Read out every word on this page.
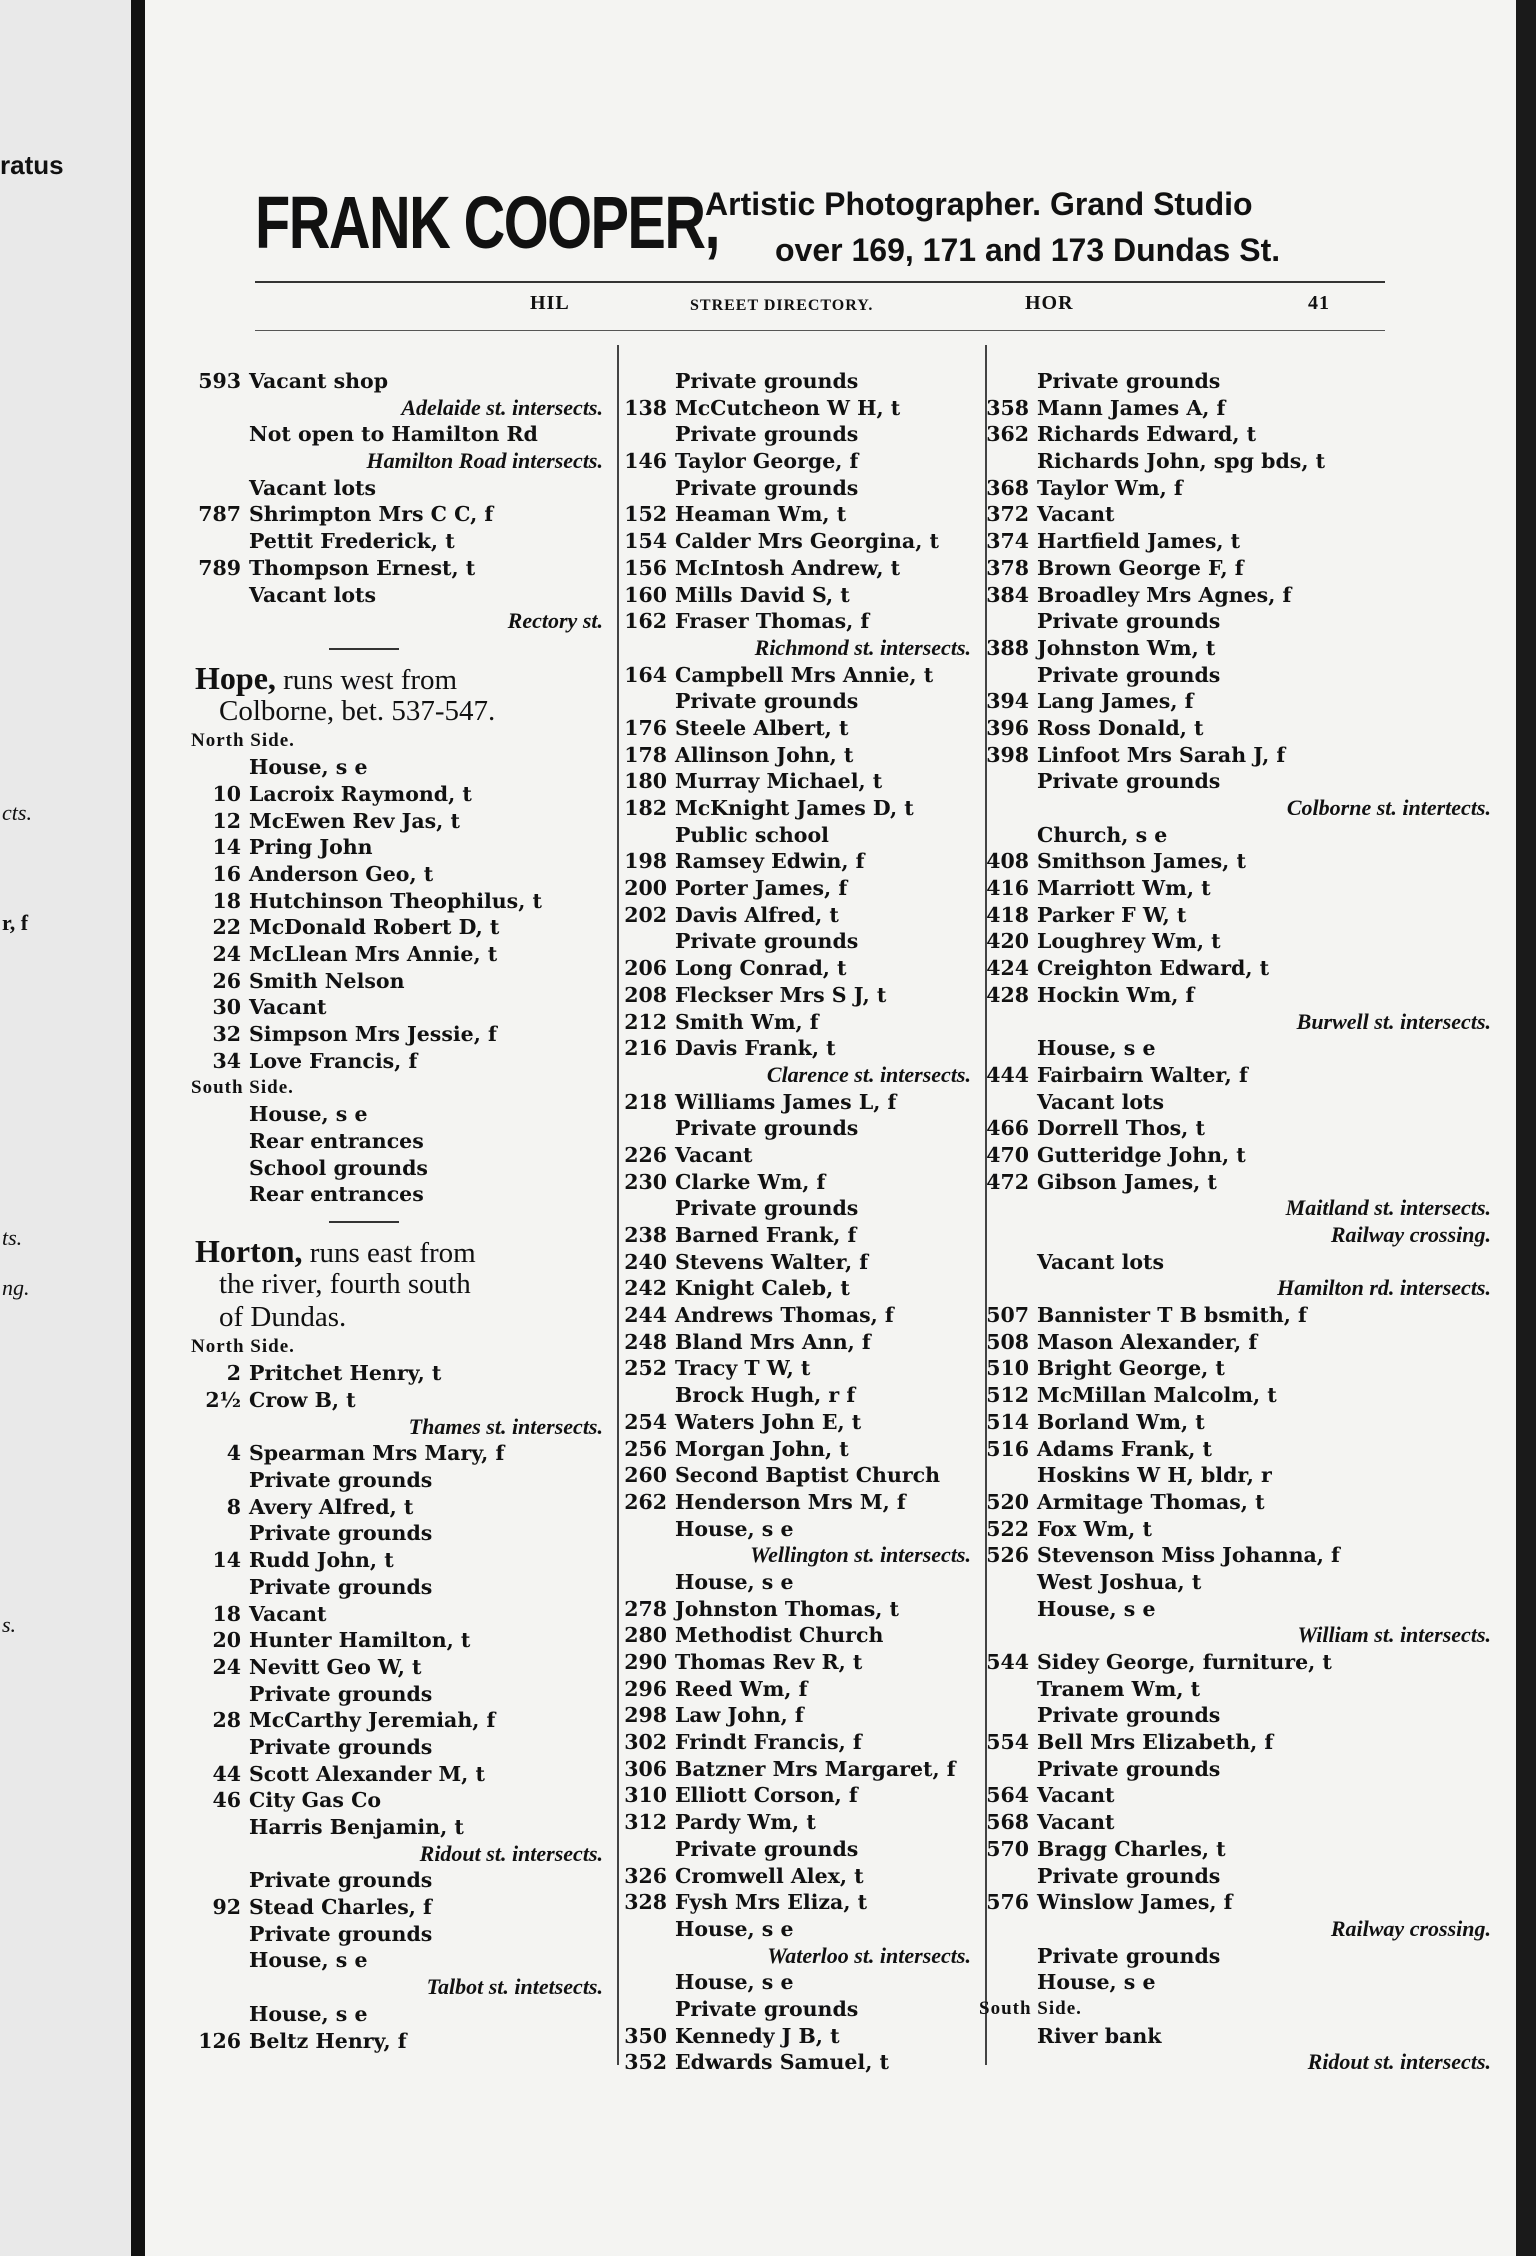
ratus
cts.
r, f
ts.
ng.
s.
FRANK COOPER,
Artistic Photographer. Grand Studio
over 169, 171 and 173 Dundas St.
HIL	STREET DIRECTORY.	HOR	41
593 Vacant shop
Adelaide st. intersects.
Not open to Hamilton Rd
Hamilton Road intersects.
Vacant lots
787 Shrimpton Mrs C C, f
Pettit Frederick, t
789 Thompson Ernest, t
Vacant lots
Rectory st.
Hope, runs west from
Colborne, bet. 537-547.
North Side.
House, s e
10 Lacroix Raymond, t
12 McEwen Rev Jas, t
14 Pring John
16 Anderson Geo, t
18 Hutchinson Theophilus, t
22 McDonald Robert D, t
24 McLlean Mrs Annie, t
26 Smith Nelson
30 Vacant
32 Simpson Mrs Jessie, f
34 Love Francis, f
South Side.
House, s e
Rear entrances
School grounds
Rear entrances
Horton, runs east from
the river, fourth south
of Dundas.
North Side.
2 Pritchet Henry, t
2½ Crow B, t
Thames st. intersects.
4 Spearman Mrs Mary, f
Private grounds
8 Avery Alfred, t
Private grounds
14 Rudd John, t
Private grounds
18 Vacant
20 Hunter Hamilton, t
24 Nevitt Geo W, t
Private grounds
28 McCarthy Jeremiah, f
Private grounds
44 Scott Alexander M, t
46 City Gas Co
Harris Benjamin, t
Ridout st. intersects.
Private grounds
92 Stead Charles, f
Private grounds
House, s e
Talbot st. intetsects.
House, s e
126 Beltz Henry, f
Private grounds
138 McCutcheon W H, t
Private grounds
146 Taylor George, f
Private grounds
152 Heaman Wm, t
154 Calder Mrs Georgina, t
156 McIntosh Andrew, t
160 Mills David S, t
162 Fraser Thomas, f
Richmond st. intersects.
164 Campbell Mrs Annie, t
Private grounds
176 Steele Albert, t
178 Allinson John, t
180 Murray Michael, t
182 McKnight James D, t
Public school
198 Ramsey Edwin, f
200 Porter James, f
202 Davis Alfred, t
Private grounds
206 Long Conrad, t
208 Fleckser Mrs S J, t
212 Smith Wm, f
216 Davis Frank, t
Clarence st. intersects.
218 Williams James L, f
Private grounds
226 Vacant
230 Clarke Wm, f
Private grounds
238 Barned Frank, f
240 Stevens Walter, f
242 Knight Caleb, t
244 Andrews Thomas, f
248 Bland Mrs Ann, f
252 Tracy T W, t
Brock Hugh, r f
254 Waters John E, t
256 Morgan John, t
260 Second Baptist Church
262 Henderson Mrs M, f
House, s e
Wellington st. intersects.
House, s e
278 Johnston Thomas, t
280 Methodist Church
290 Thomas Rev R, t
296 Reed Wm, f
298 Law John, f
302 Frindt Francis, f
306 Batzner Mrs Margaret, f
310 Elliott Corson, f
312 Pardy Wm, t
Private grounds
326 Cromwell Alex, t
328 Fysh Mrs Eliza, t
House, s e
Waterloo st. intersects.
House, s e
Private grounds
350 Kennedy J B, t
352 Edwards Samuel, t
Private grounds
358 Mann James A, f
362 Richards Edward, t
Richards John, spg bds, t
368 Taylor Wm, f
372 Vacant
374 Hartfield James, t
378 Brown George F, f
384 Broadley Mrs Agnes, f
Private grounds
388 Johnston Wm, t
Private grounds
394 Lang James, f
396 Ross Donald, t
398 Linfoot Mrs Sarah J, f
Private grounds
Colborne st. intertects.
Church, s e
408 Smithson James, t
416 Marriott Wm, t
418 Parker F W, t
420 Loughrey Wm, t
424 Creighton Edward, t
428 Hockin Wm, f
Burwell st. intersects.
House, s e
444 Fairbairn Walter, f
Vacant lots
466 Dorrell Thos, t
470 Gutteridge John, t
472 Gibson James, t
Maitland st. intersects.
Railway crossing.
Vacant lots
Hamilton rd. intersects.
507 Bannister T B bsmith, f
508 Mason Alexander, f
510 Bright George, t
512 McMillan Malcolm, t
514 Borland Wm, t
516 Adams Frank, t
Hoskins W H, bldr, r
520 Armitage Thomas, t
522 Fox Wm, t
526 Stevenson Miss Johanna, f
West Joshua, t
House, s e
William st. intersects.
544 Sidey George, furniture, t
Tranem Wm, t
Private grounds
554 Bell Mrs Elizabeth, f
Private grounds
564 Vacant
568 Vacant
570 Bragg Charles, t
Private grounds
576 Winslow James, f
Railway crossing.
Private grounds
House, s e
South Side.
River bank
Ridout st. intersects.
